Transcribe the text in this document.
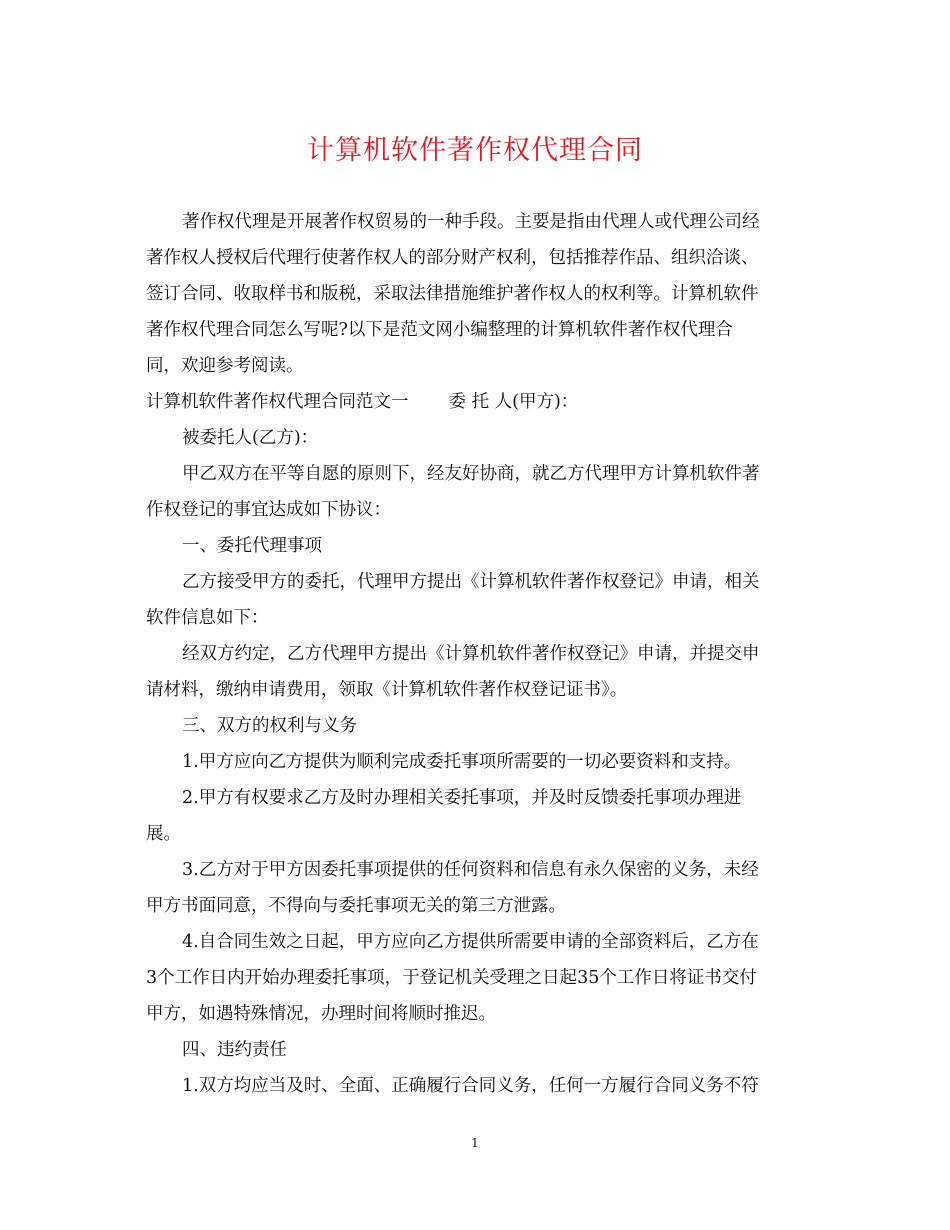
计算机软件著作权代理合同

著作权代理是开展著作权贸易的一种手段。主要是指由代理人或代理公司经
著作权人授权后代理行使著作权人的部分财产权利，包括推荐作品、组织洽谈、
签订合同、收取样书和版税，采取法律措施维护著作权人的权利等。计算机软件
著作权代理合同怎么写呢?以下是范文网小编整理的计算机软件著作权代理合
同，欢迎参考阅读。

计算机软件著作权代理合同范文一 委 托 人(甲方)：

被委托人(乙方)：

甲乙双方在平等自愿的原则下，经友好协商，就乙方代理甲方计算机软件著
作权登记的事宜达成如下协议：

一、委托代理事项

乙方接受甲方的委托，代理甲方提出《计算机软件著作权登记》申请，相关
软件信息如下：

经双方约定，乙方代理甲方提出《计算机软件著作权登记》申请，并提交申
请材料，缴纳申请费用，领取《计算机软件著作权登记证书》。

三、双方的权利与义务

1.甲方应向乙方提供为顺利完成委托事项所需要的一切必要资料和支持。

2.甲方有权要求乙方及时办理相关委托事项，并及时反馈委托事项办理进
展。

3.乙方对于甲方因委托事项提供的任何资料和信息有永久保密的义务，未经
甲方书面同意，不得向与委托事项无关的第三方泄露。

4.自合同生效之日起，甲方应向乙方提供所需要申请的全部资料后，乙方在
3个工作日内开始办理委托事项，于登记机关受理之日起35个工作日将证书交付
甲方，如遇特殊情况，办理时间将顺时推迟。

四、违约责任

1.双方均应当及时、全面、正确履行合同义务，任何一方履行合同义务不符

1
